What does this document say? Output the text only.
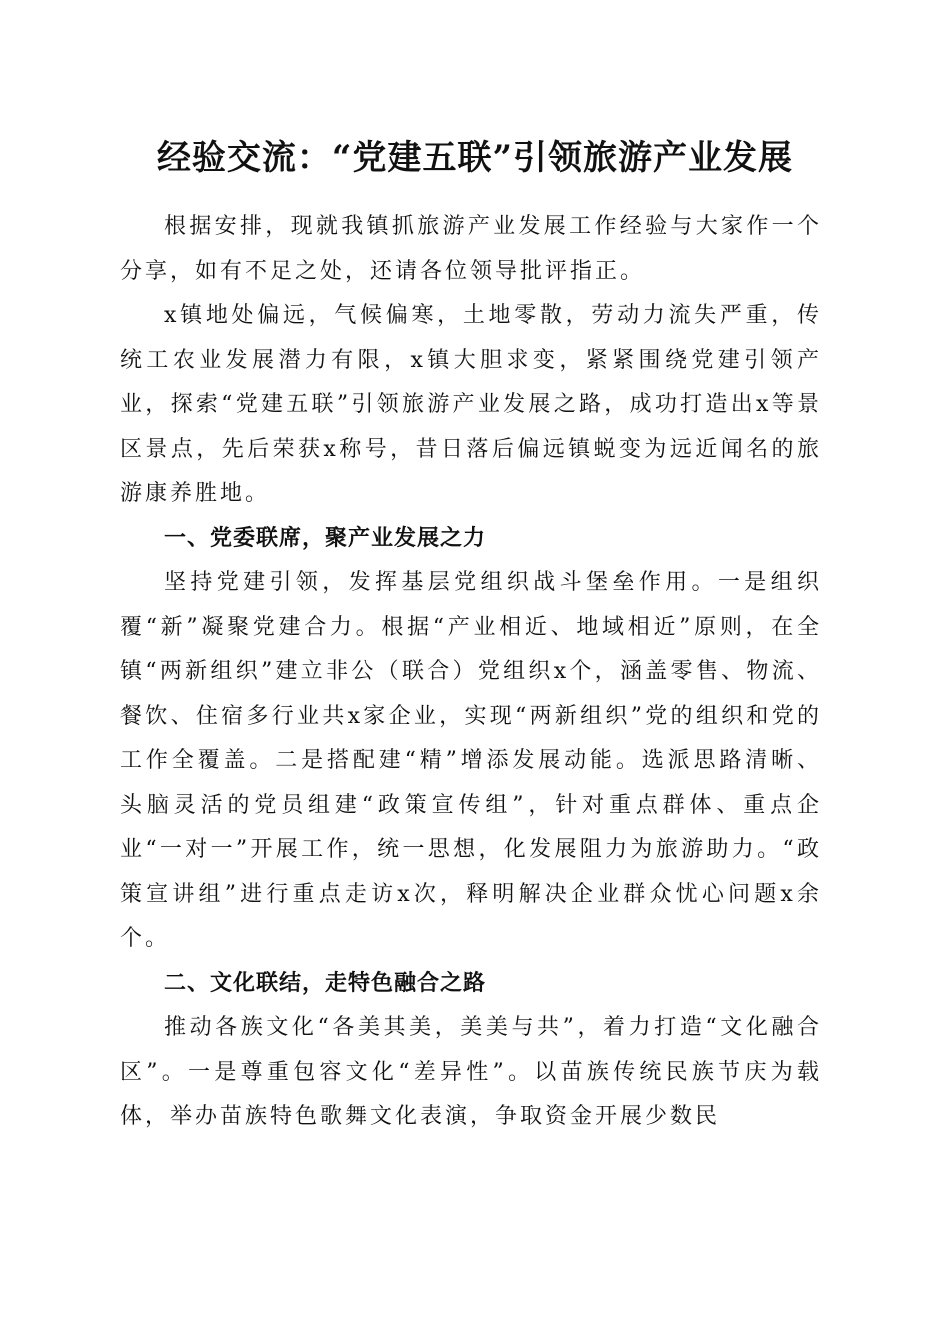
经验交流：“党建五联”引领旅游产业发展

根据安排，现就我镇抓旅游产业发展工作经验与大家作一个分享，如有不足之处，还请各位领导批评指正。

x镇地处偏远，气候偏寒，土地零散，劳动力流失严重，传统工农业发展潜力有限，x镇大胆求变，紧紧围绕党建引领产业，探索“党建五联”引领旅游产业发展之路，成功打造出x等景区景点，先后荣获x称号，昔日落后偏远镇蜕变为远近闻名的旅游康养胜地。

一、党委联席，聚产业发展之力

坚持党建引领，发挥基层党组织战斗堡垒作用。一是组织覆“新”凝聚党建合力。根据“产业相近、地域相近”原则，在全镇“两新组织”建立非公（联合）党组织x个，涵盖零售、物流、餐饮、住宿多行业共x家企业，实现“两新组织”党的组织和党的工作全覆盖。二是搭配建“精”增添发展动能。选派思路清晰、头脑灵活的党员组建“政策宣传组”，针对重点群体、重点企业“一对一”开展工作，统一思想，化发展阻力为旅游助力。“政策宣讲组”进行重点走访x次，释明解决企业群众忧心问题x余个。

二、文化联结，走特色融合之路

推动各族文化“各美其美，美美与共”，着力打造“文化融合区”。一是尊重包容文化“差异性”。以苗族传统民族节庆为载体，举办苗族特色歌舞文化表演，争取资金开展少数民
